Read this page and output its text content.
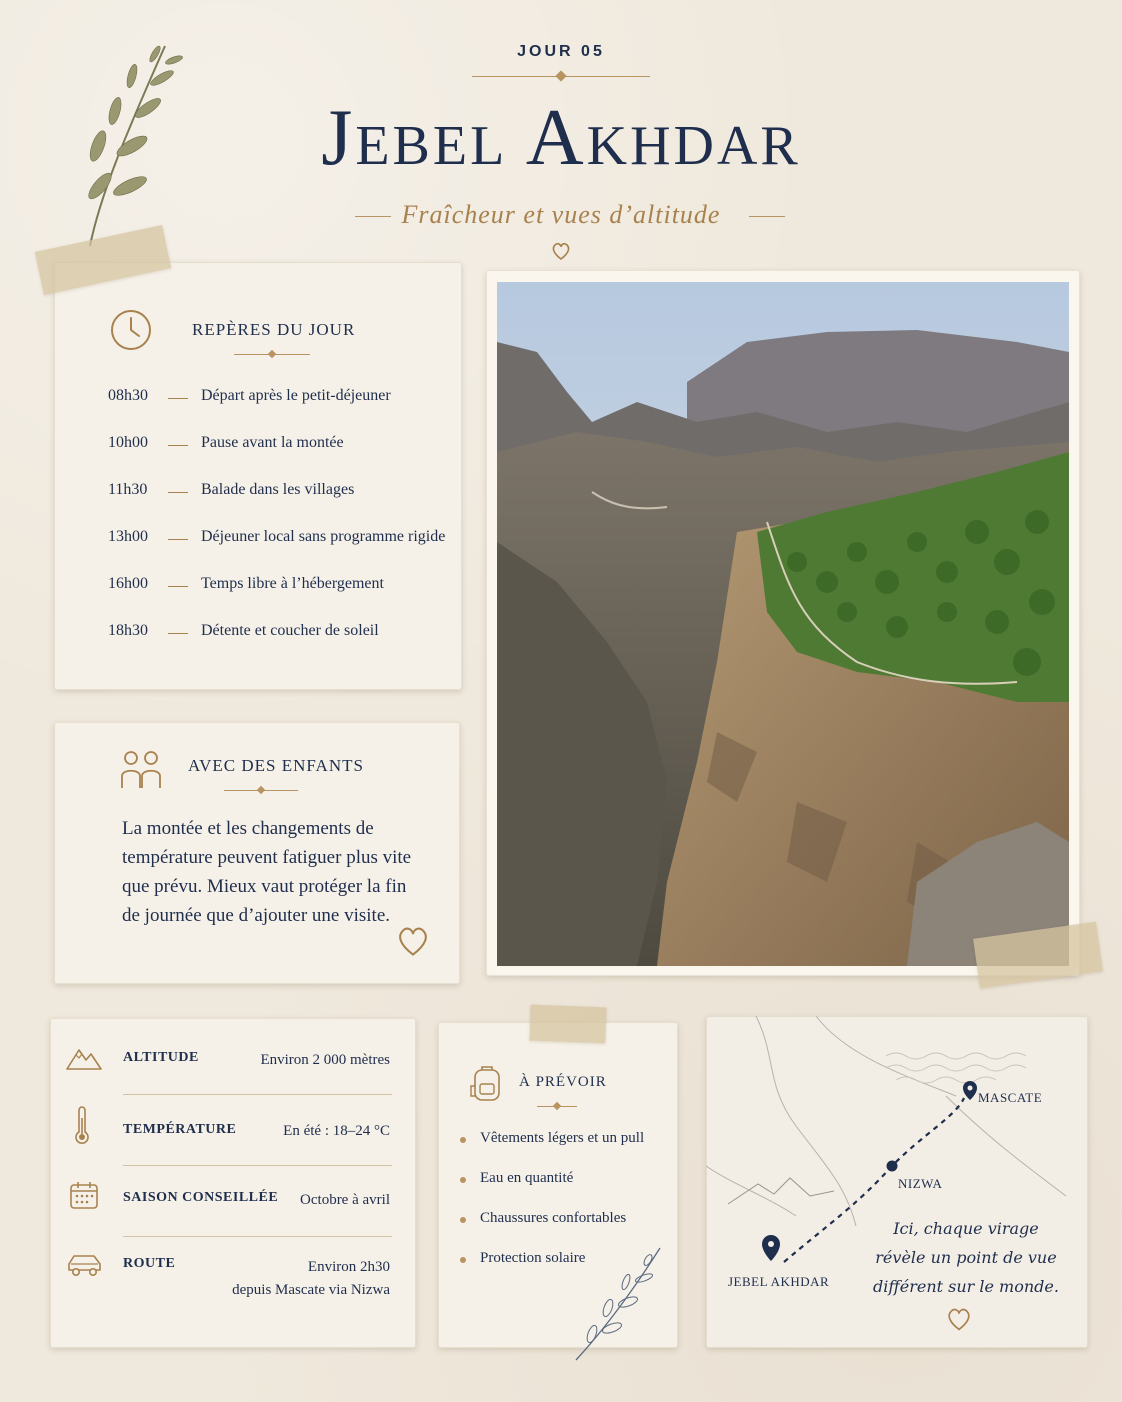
JOUR 05
Jebel Akhdar
Fraîcheur et vues d’altitude
REPÈRES DU JOUR
08h30	Départ après le petit-déjeuner
10h00	Pause avant la montée
11h30	Balade dans les villages
13h00	Déjeuner local sans programme rigide
16h00	Temps libre à l’hébergement
18h30	Détente et coucher de soleil
AVEC DES ENFANTS
La montée et les changements de température peuvent fatiguer plus vite que prévu. Mieux vaut protéger la fin de journée que d’ajouter une visite.
ALTITUDE	Environ 2 000 mètres
TEMPÉRATURE	En été : 18–24 °C
SAISON CONSEILLÉE Octobre à avril
ROUTE	Environ 2h30
depuis Mascate via Nizwa
À PRÉVOIR
Vêtements légers et un pull
Eau en quantité
Chaussures confortables
Protection solaire
MASCATE
NIZWA
JEBEL AKHDAR
Ici, chaque virage
révèle un point de vue
différent sur le monde.
